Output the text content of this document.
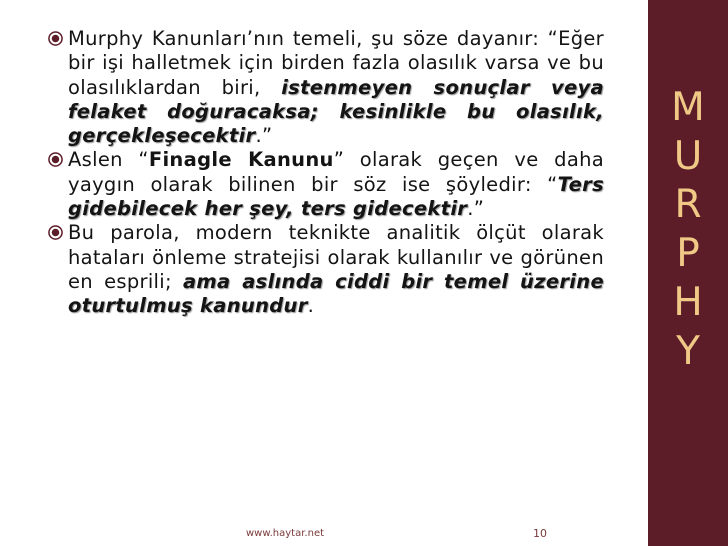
Murphy Kanunları’nın temeli, şu söze dayanır: “Eğer bir işi halletmek için birden fazla olasılık varsa ve bu olasılıklardan biri, istenmeyen sonuçlar veya felaket doğuracaksa; kesinlikle bu olasılık, gerçekleşecektir.”
Aslen “Finagle Kanunu” olarak geçen ve daha yaygın olarak bilinen bir söz ise şöyledir: “Ters gidebilecek her şey, ters gidecektir.”
Bu parola, modern teknikte analitik ölçüt olarak hataları önleme stratejisi olarak kullanılır ve görünen en esprili; ama aslında ciddi bir temel üzerine oturtulmuş kanundur.
M
U
R
P
H
Y
www.haytar.net	10
